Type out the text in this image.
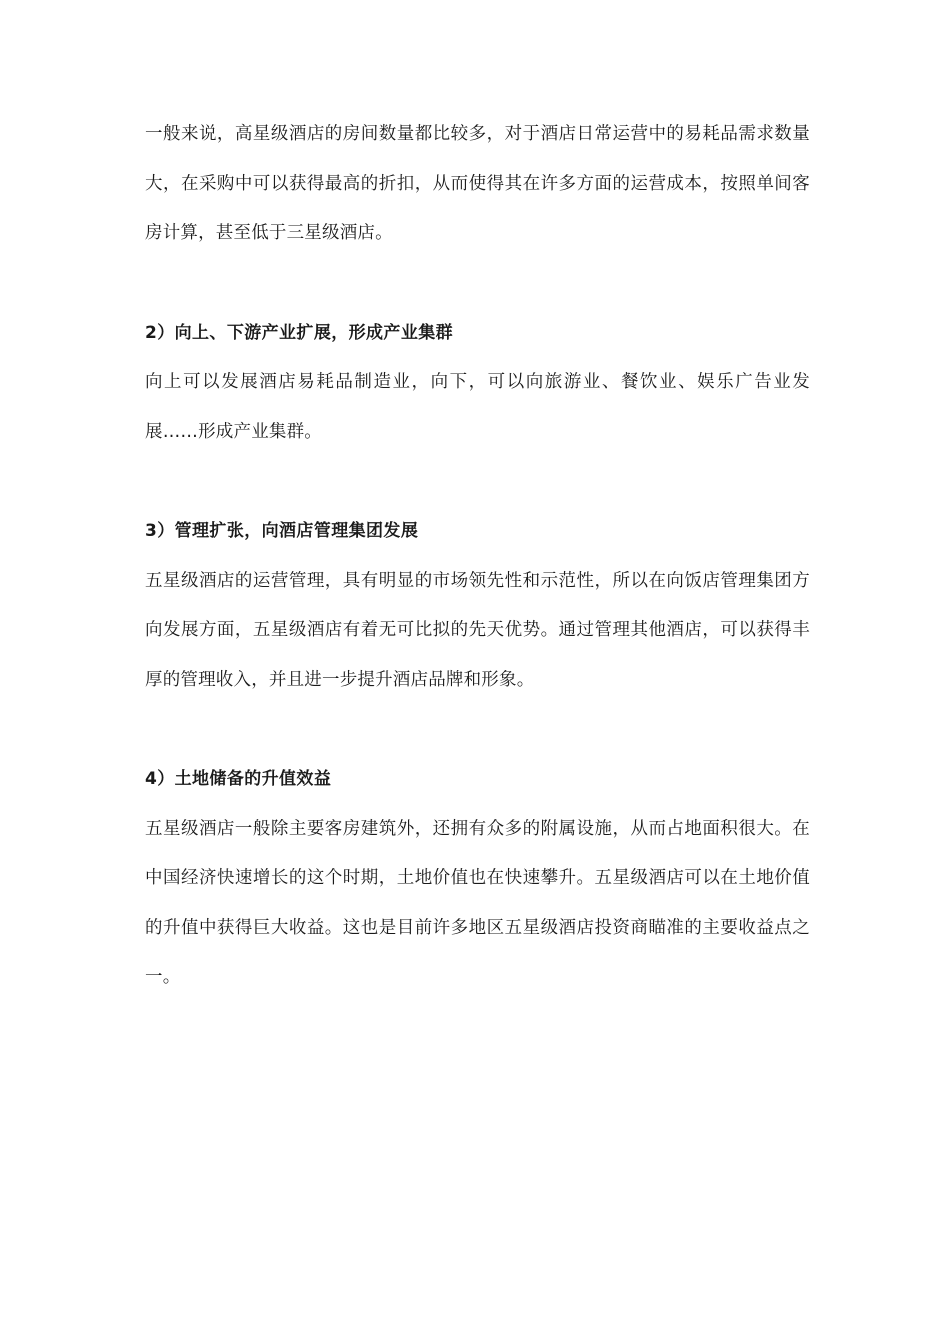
一般来说，高星级酒店的房间数量都比较多，对于酒店日常运营中的易耗品需求数量大，在采购中可以获得最高的折扣，从而使得其在许多方面的运营成本，按照单间客房计算，甚至低于三星级酒店。

2）向上、下游产业扩展，形成产业集群

向上可以发展酒店易耗品制造业，向下，可以向旅游业、餐饮业、娱乐广告业发展……形成产业集群。

3）管理扩张，向酒店管理集团发展

五星级酒店的运营管理，具有明显的市场领先性和示范性，所以在向饭店管理集团方向发展方面，五星级酒店有着无可比拟的先天优势。通过管理其他酒店，可以获得丰厚的管理收入，并且进一步提升酒店品牌和形象。

4）土地储备的升值效益

五星级酒店一般除主要客房建筑外，还拥有众多的附属设施，从而占地面积很大。在中国经济快速增长的这个时期，土地价值也在快速攀升。五星级酒店可以在土地价值的升值中获得巨大收益。这也是目前许多地区五星级酒店投资商瞄准的主要收益点之一。
